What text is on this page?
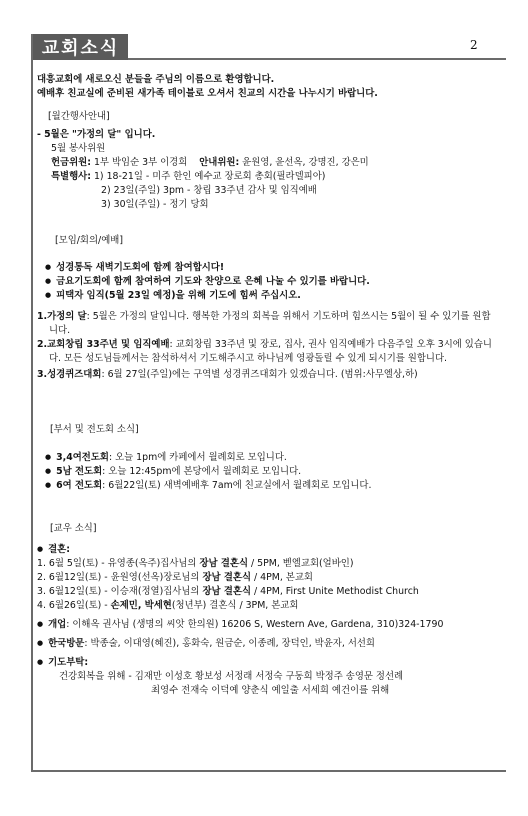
교회소식	2
대흥교회에 새로오신 분들을 주님의 이름으로 환영합니다.
예배후 친교실에 준비된 새가족 테이블로 오셔서 친교의 시간을 나누시기 바랍니다.
[월간행사안내]
- 5월은 "가정의 달" 입니다.
5월 봉사위원
헌금위원: 1부 박임순 3부 이경희 안내위원: 윤원영, 윤선옥, 강명진, 강은미
특별행사: 1) 18-21일 - 미주 한인 예수교 장로회 총회(필라델피아)
2) 23일(주일) 3pm - 창립 33주년 감사 및 임직예배
3) 30일(주일) - 정기 당회
[모임/회의/예배]
● 성경통독 새벽기도회에 함께 참여합시다!
● 금요기도회에 함께 참여하여 기도와 찬양으로 은혜 나눌 수 있기를 바랍니다.
● 피택자 임직(5월 23일 예정)을 위해 기도에 힘써 주십시오.
1.가정의 달: 5월은 가정의 달입니다. 행복한 가정의 회복을 위해서 기도하며 힘쓰시는 5월이 될 수 있기를 원합니다.
2.교회창립 33주년 및 임직예배: 교회창립 33주년 및 장로, 집사, 권사 임직예배가 다음주일 오후 3시에 있습니다. 모든 성도님들께서는 참석하셔서 기도해주시고 하나님께 영광돌릴 수 있게 되시기를 원합니다.
3.성경퀴즈대회: 6월 27일(주일)에는 구역별 성경퀴즈대회가 있겠습니다. (범위:사무엘상,하)
[부서 및 전도회 소식]
● 3,4여전도회: 오늘 1pm에 카페에서 월례회로 모입니다.
● 5남 전도회: 오늘 12:45pm에 본당에서 월례회로 모입니다.
● 6여 전도회: 6월22일(토) 새벽예배후 7am에 친교실에서 월례회로 모입니다.
[교우 소식]
● 결혼:
1. 6월 5일(토) - 유영종(옥주)집사님의 장남 결혼식 / 5PM, 벧엘교회(얼바인)
2. 6월12일(토) - 윤원영(선옥)장로님의 장남 결혼식 / 4PM, 본교회
3. 6월12일(토) - 이승재(정열)집사님의 장남 결혼식 / 4PM, First Unite Methodist Church
4. 6월26일(토) - 손제민, 박세현(청년부) 결혼식 / 3PM, 본교회
● 개업: 이해옥 권사님 (생명의 씨앗 한의원) 16206 S, Western Ave, Gardena, 310)324-1790
● 한국방문: 박종술, 이대영(혜진), 홍화숙, 원금순, 이종례, 장덕인, 박윤자, 서선희
● 기도부탁:
건강회복을 위해 - 김재만 이성호 황보성 서정래 서정숙 구동희 박정주 송영문 정선례
최영수 전재숙 이덕예 양춘식 예일출 서세희 예건이를 위해
